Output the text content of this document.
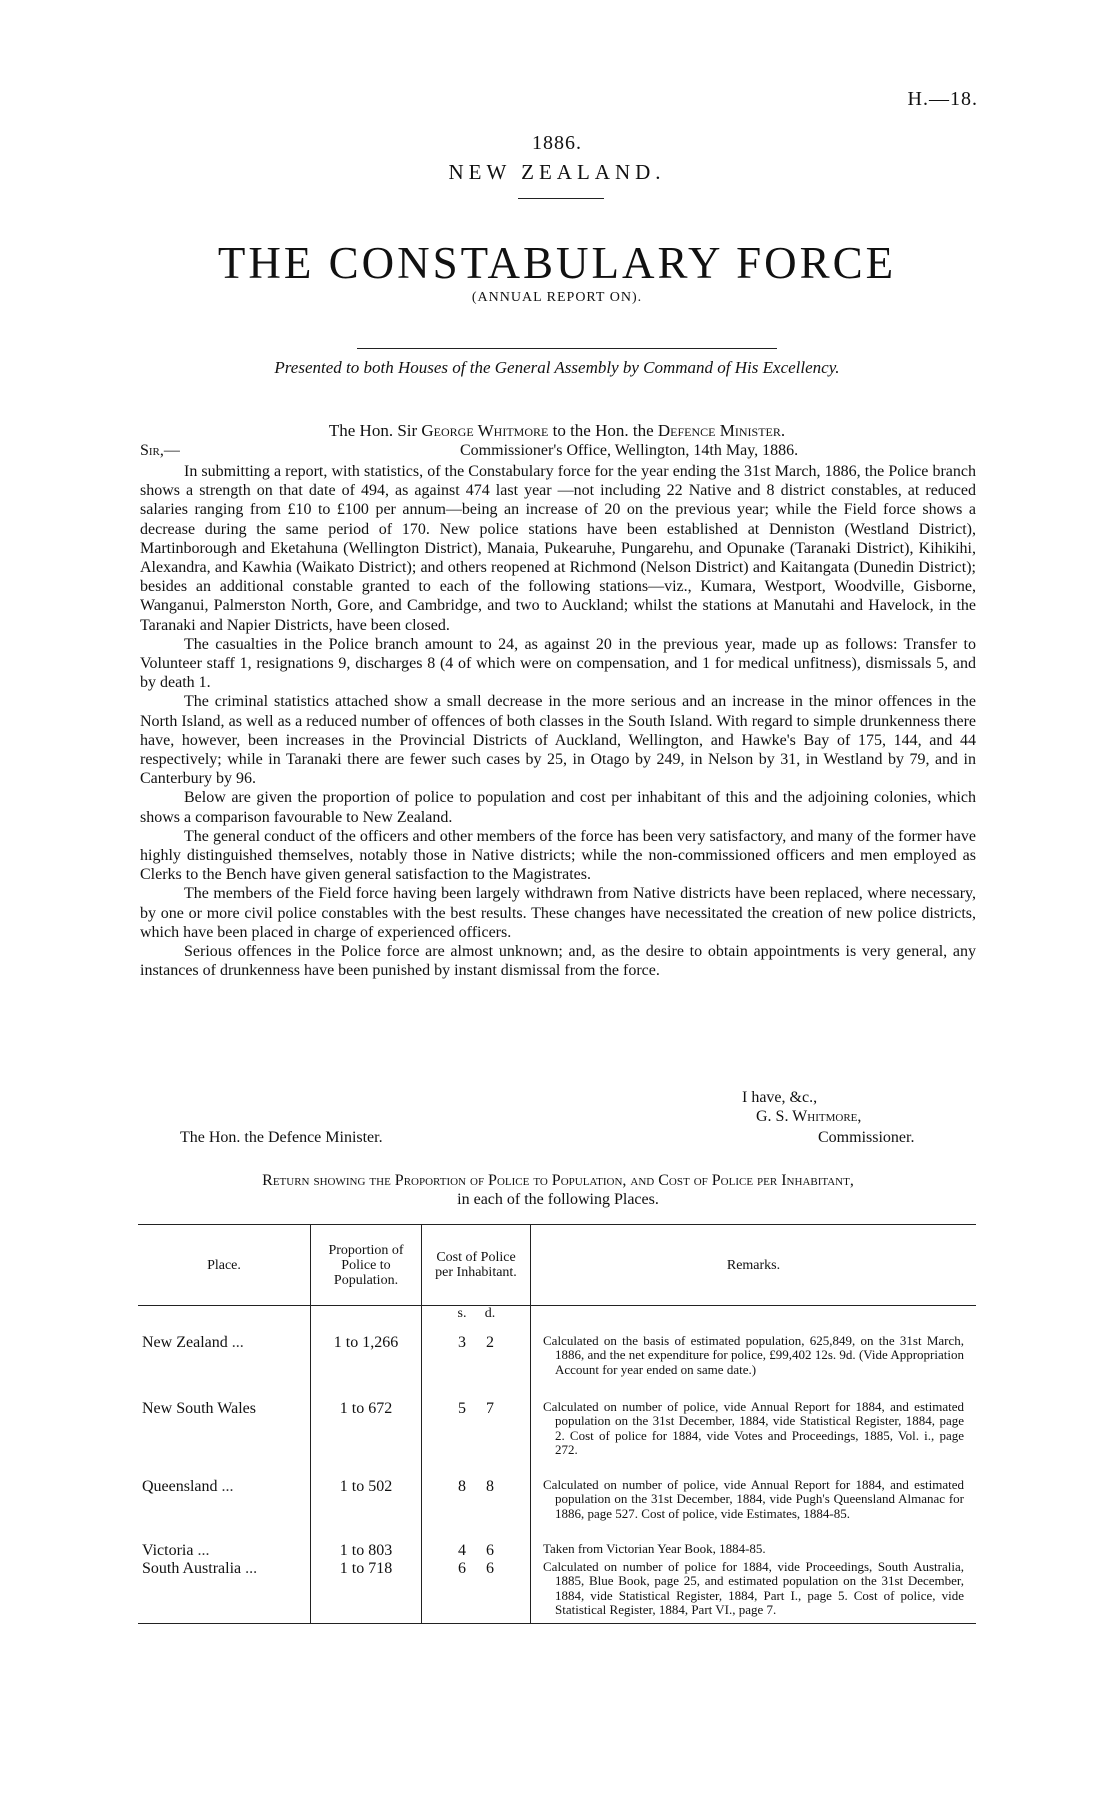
H.—18.
1886.
NEW ZEALAND.
THE CONSTABULARY FORCE
(ANNUAL REPORT ON).
Presented to both Houses of the General Assembly by Command of His Excellency.
The Hon. Sir George Whitmore to the Hon. the Defence Minister.
Sir,—	Commissioner's Office, Wellington, 14th May, 1886.

In submitting a report, with statistics, of the Constabulary force for the year ending the 31st March, 1886, the Police branch shows a strength on that date of 494, as against 474 last year —not including 22 Native and 8 district constables, at reduced salaries ranging from £10 to £100 per annum—being an increase of 20 on the previous year; while the Field force shows a decrease during the same period of 170. New police stations have been established at Denniston (Westland District), Martinborough and Eketahuna (Wellington District), Manaia, Pukearuhe, Pungarehu, and Opunake (Taranaki District), Kihikihi, Alexandra, and Kawhia (Waikato District); and others reopened at Richmond (Nelson District) and Kaitangata (Dunedin District); besides an additional constable granted to each of the following stations—viz., Kumara, Westport, Woodville, Gisborne, Wanganui, Palmerston North, Gore, and Cambridge, and two to Auckland; whilst the stations at Manutahi and Havelock, in the Taranaki and Napier Districts, have been closed.

The casualties in the Police branch amount to 24, as against 20 in the previous year, made up as follows: Transfer to Volunteer staff 1, resignations 9, discharges 8 (4 of which were on compensation, and 1 for medical unfitness), dismissals 5, and by death 1.

The criminal statistics attached show a small decrease in the more serious and an increase in the minor offences in the North Island, as well as a reduced number of offences of both classes in the South Island. With regard to simple drunkenness there have, however, been increases in the Provincial Districts of Auckland, Wellington, and Hawke's Bay of 175, 144, and 44 respectively; while in Taranaki there are fewer such cases by 25, in Otago by 249, in Nelson by 31, in Westland by 79, and in Canterbury by 96.

Below are given the proportion of police to population and cost per inhabitant of this and the adjoining colonies, which shows a comparison favourable to New Zealand.

The general conduct of the officers and other members of the force has been very satisfactory, and many of the former have highly distinguished themselves, notably those in Native districts; while the non-commissioned officers and men employed as Clerks to the Bench have given general satisfaction to the Magistrates.

The members of the Field force having been largely withdrawn from Native districts have been replaced, where necessary, by one or more civil police constables with the best results. These changes have necessitated the creation of new police districts, which have been placed in charge of experienced officers.

Serious offences in the Police force are almost unknown; and, as the desire to obtain appointments is very general, any instances of drunkenness have been punished by instant dismissal from the force.

I have, &c.,
G. S. Whitmore,
The Hon. the Defence Minister.	Commissioner.
Return showing the Proportion of Police to Population, and Cost of Police per Inhabitant,
in each of the following Places.
Place.	Proportion of Police to Population.	Cost of Police per Inhabitant.	Remarks.
		s. d.	
New Zealand ...	1 to 1,266	3 2	Calculated on the basis of estimated population, 625,849, on the 31st March, 1886, and the net expenditure for police, £99,402 12s. 9d. (Vide Appropriation Account for year ended on same date.)

New South Wales	1 to 672	5 7	Calculated on number of police, vide Annual Report for 1884, and estimated population on the 31st December, 1884, vide Statistical Register, 1884, page 2. Cost of police for 1884, vide Votes and Proceedings, 1885, Vol. i., page 272.

Queensland ...	1 to 502	8 8	Calculated on number of police, vide Annual Report for 1884, and estimated population on the 31st December, 1884, vide Pugh's Queensland Almanac for 1886, page 527. Cost of police, vide Estimates, 1884-85.

Victoria ...	1 to 803	4 6	Taken from Victorian Year Book, 1884-85.

South Australia ...	1 to 718	6 6	Calculated on number of police for 1884, vide Proceedings, South Australia, 1885, Blue Book, page 25, and estimated population on the 31st December, 1884, vide Statistical Register, 1884, Part I., page 5. Cost of police, vide Statistical Register, 1884, Part VI., page 7.
